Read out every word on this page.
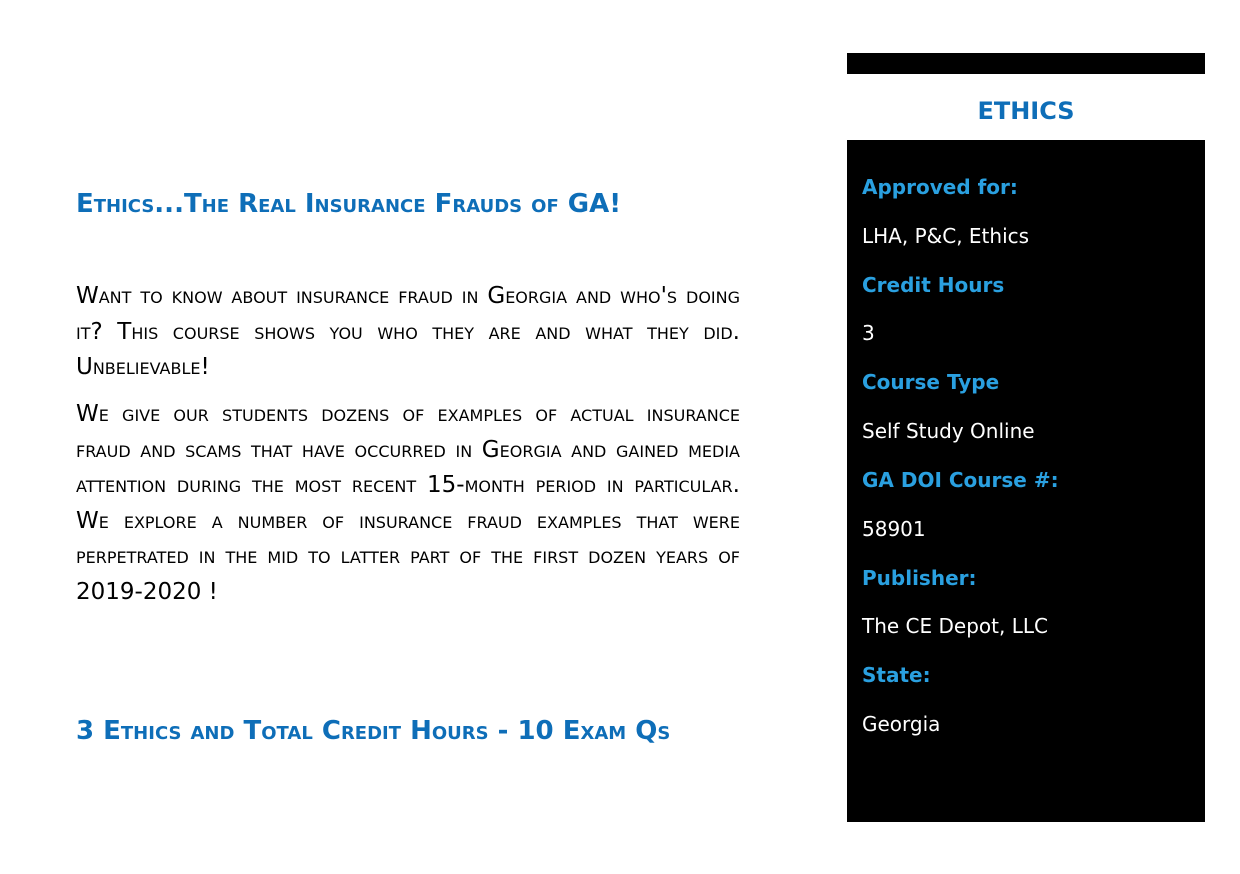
Ethics...The Real Insurance Frauds of GA!

Want to know about insurance fraud in Georgia and who's doing it? This course shows you who they are and what they did. Unbelievable!

We give our students dozens of examples of actual insurance fraud and scams that have occurred in Georgia and gained media attention during the most recent 15-month period in particular. We explore a number of insurance fraud examples that were perpetrated in the mid to latter part of the first dozen years of 2019-2020 !

3 Ethics and Total Credit Hours - 10 Exam Qs
ETHICS
Approved for:
LHA, P&C, Ethics
Credit Hours
3
Course Type
Self Study Online
GA DOI Course #:
58901
Publisher:
The CE Depot, LLC
State:
Georgia
